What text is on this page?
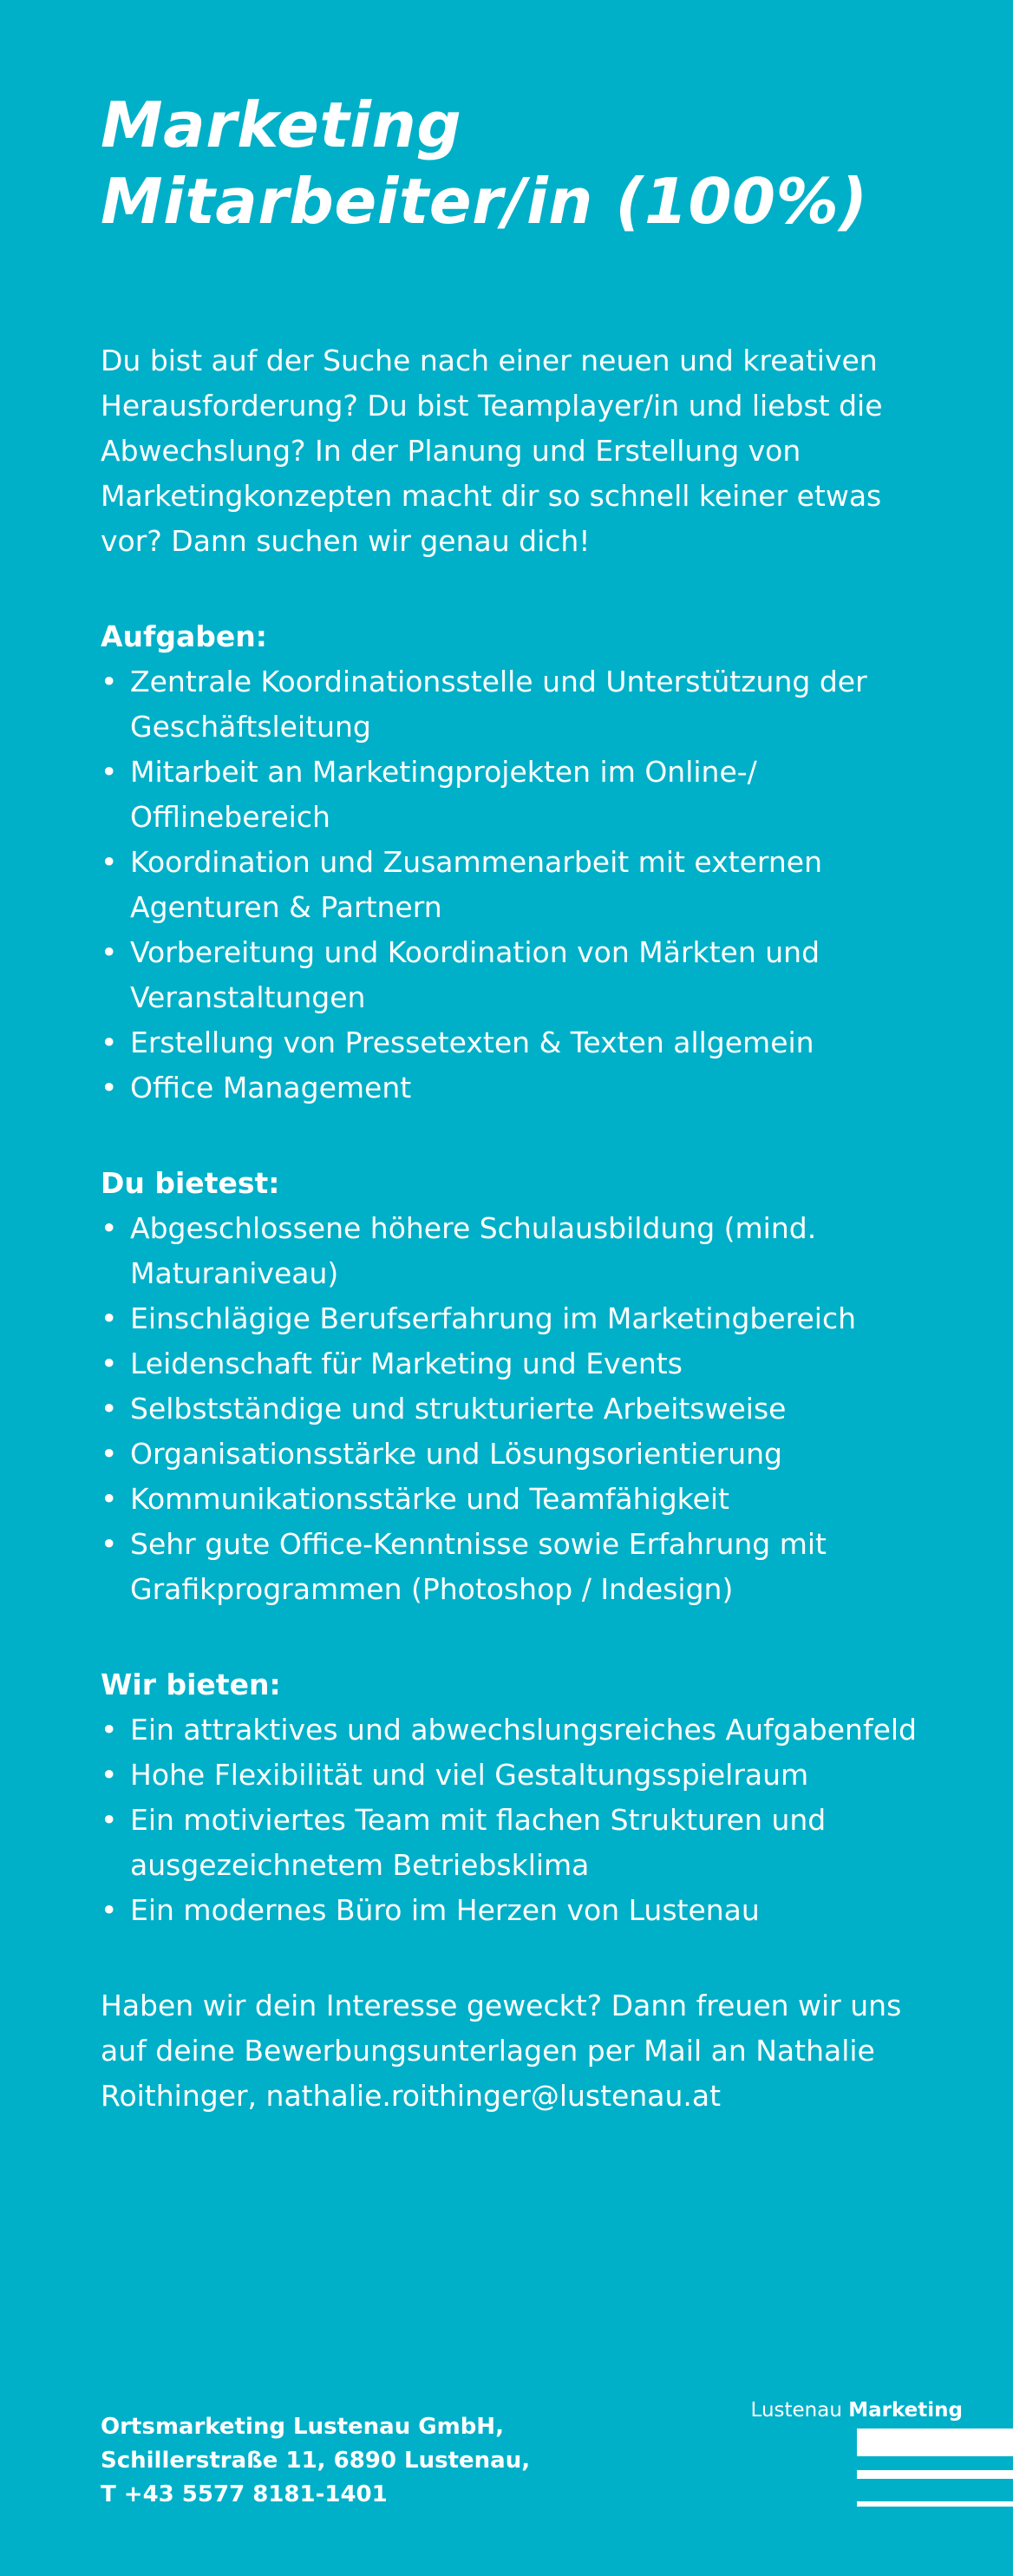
Marketing
Mitarbeiter/in (100%)

Du bist auf der Suche nach einer neuen und kreativen Herausforderung? Du bist Teamplayer/in und liebst die Abwechslung? In der Planung und Erstellung von Marketingkonzepten macht dir so schnell keiner etwas vor? Dann suchen wir genau dich!

Aufgaben:
• Zentrale Koordinationsstelle und Unterstützung der Geschäftsleitung
• Mitarbeit an Marketingprojekten im Online-/ Offlinebereich
• Koordination und Zusammenarbeit mit externen Agenturen & Partnern
• Vorbereitung und Koordination von Märkten und Veranstaltungen
• Erstellung von Pressetexten & Texten allgemein
• Office Management
Du bietest:
• Abgeschlossene höhere Schulausbildung (mind. Maturaniveau)
• Einschlägige Berufserfahrung im Marketingbereich
• Leidenschaft für Marketing und Events
• Selbstständige und strukturierte Arbeitsweise
• Organisationsstärke und Lösungsorientierung
• Kommunikationsstärke und Teamfähigkeit
• Sehr gute Office-Kenntnisse sowie Erfahrung mit Grafikprogrammen (Photoshop / Indesign)
Wir bieten:
• Ein attraktives und abwechslungsreiches Aufgabenfeld
• Hohe Flexibilität und viel Gestaltungsspielraum
• Ein motiviertes Team mit flachen Strukturen und ausgezeichnetem Betriebsklima
• Ein modernes Büro im Herzen von Lustenau

Haben wir dein Interesse geweckt? Dann freuen wir uns auf deine Bewerbungsunterlagen per Mail an Nathalie Roithinger, nathalie.roithinger@lustenau.at

Ortsmarketing Lustenau GmbH,
Schillerstraße 11, 6890 Lustenau,
T +43 5577 8181-1401
Lustenau Marketing
